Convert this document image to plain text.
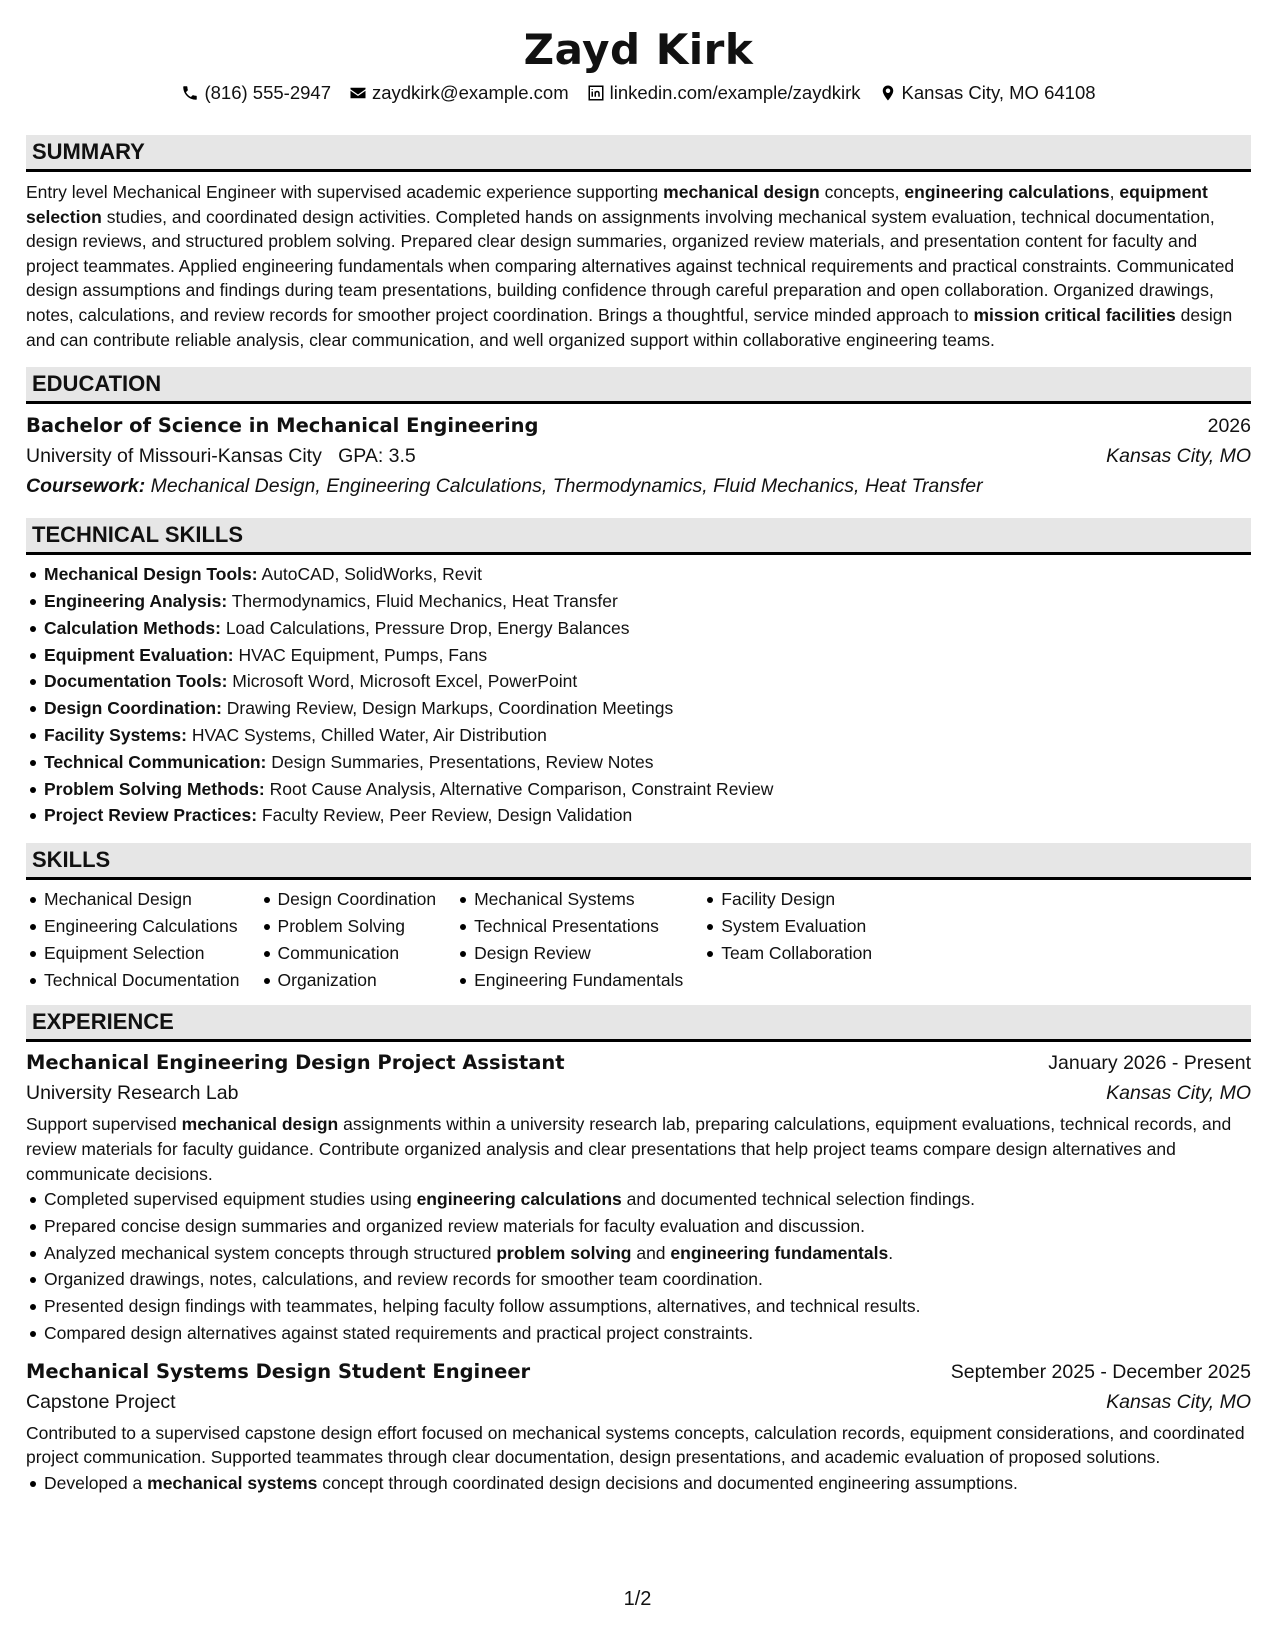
Zayd Kirk
(816) 555-2947 zaydkirk@example.com linkedin.com/example/zaydkirk Kansas City, MO 64108
SUMMARY

Entry level Mechanical Engineer with supervised academic experience supporting mechanical design concepts, engineering calculations, equipment selection studies, and coordinated design activities. Completed hands on assignments involving mechanical system evaluation, technical documentation, design reviews, and structured problem solving. Prepared clear design summaries, organized review materials, and presentation content for faculty and project teammates. Applied engineering fundamentals when comparing alternatives against technical requirements and practical constraints. Communicated design assumptions and findings during team presentations, building confidence through careful preparation and open collaboration. Organized drawings, notes, calculations, and review records for smoother project coordination. Brings a thoughtful, service minded approach to mission critical facilities design and can contribute reliable analysis, clear communication, and well organized support within collaborative engineering teams.

EDUCATION
Bachelor of Science in Mechanical Engineering	2026
University of Missouri-Kansas City GPA: 3.5	Kansas City, MO
Coursework: Mechanical Design, Engineering Calculations, Thermodynamics, Fluid Mechanics, Heat Transfer
TECHNICAL SKILLS
Mechanical Design Tools: AutoCAD, SolidWorks, Revit
Engineering Analysis: Thermodynamics, Fluid Mechanics, Heat Transfer
Calculation Methods: Load Calculations, Pressure Drop, Energy Balances
Equipment Evaluation: HVAC Equipment, Pumps, Fans
Documentation Tools: Microsoft Word, Microsoft Excel, PowerPoint
Design Coordination: Drawing Review, Design Markups, Coordination Meetings
Facility Systems: HVAC Systems, Chilled Water, Air Distribution
Technical Communication: Design Summaries, Presentations, Review Notes
Problem Solving Methods: Root Cause Analysis, Alternative Comparison, Constraint Review
Project Review Practices: Faculty Review, Peer Review, Design Validation
SKILLS
Mechanical Design
Engineering Calculations
Equipment Selection
Technical Documentation
Design Coordination
Problem Solving
Communication
Organization
Mechanical Systems
Technical Presentations
Design Review
Engineering Fundamentals
Facility Design
System Evaluation
Team Collaboration
EXPERIENCE
Mechanical Engineering Design Project Assistant	January 2026 - Present
University Research Lab	Kansas City, MO

Support supervised mechanical design assignments within a university research lab, preparing calculations, equipment evaluations, technical records, and review materials for faculty guidance. Contribute organized analysis and clear presentations that help project teams compare design alternatives and communicate decisions.

Completed supervised equipment studies using engineering calculations and documented technical selection findings.
Prepared concise design summaries and organized review materials for faculty evaluation and discussion.
Analyzed mechanical system concepts through structured problem solving and engineering fundamentals.
Organized drawings, notes, calculations, and review records for smoother team coordination.
Presented design findings with teammates, helping faculty follow assumptions, alternatives, and technical results.
Compared design alternatives against stated requirements and practical project constraints.
Mechanical Systems Design Student Engineer	September 2025 - December 2025
Capstone Project	Kansas City, MO

Contributed to a supervised capstone design effort focused on mechanical systems concepts, calculation records, equipment considerations, and coordinated project communication. Supported teammates through clear documentation, design presentations, and academic evaluation of proposed solutions.

Developed a mechanical systems concept through coordinated design decisions and documented engineering assumptions.
1/2
